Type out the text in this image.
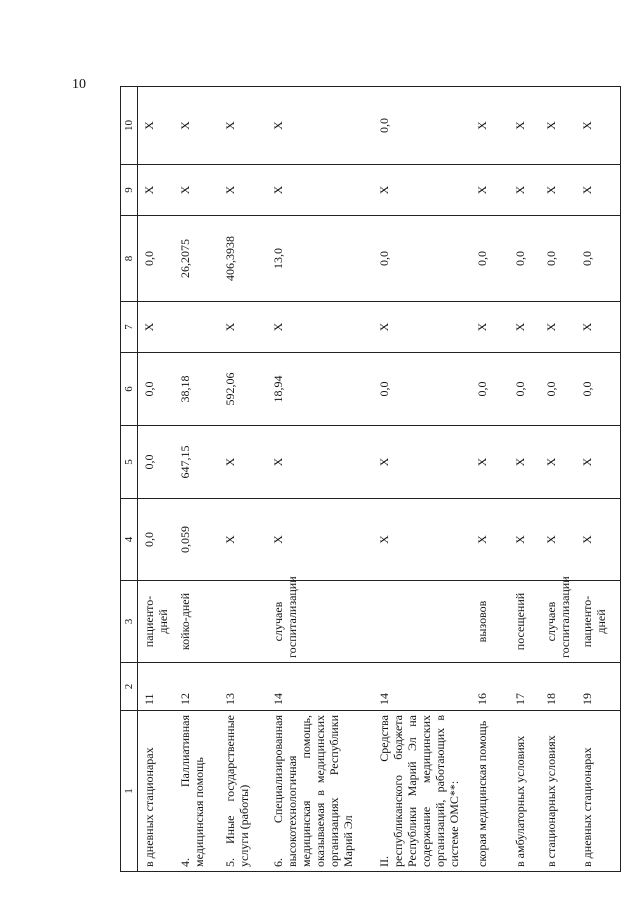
10
1	2	3	4	5	6	7	8	9	10
в дневных стационарах	11	пациенто-дней	0,0	0,0	0,0	X	0,0	X	X
4. Паллиативная медицинская помощь	12	койко-дней	0,059	647,15	38,18		26,2075	X	X
5. Иные государственные услуги (работы)	13		X	X	592,06	X	406,3938	X	X
6. Специализированная высокотехнологичная медицинская помощь, оказываемая в медицинских организациях Республики Марий Эл	14	случаев госпитализации	X	X	18,94	X	13,0	X	X
II. Средства республиканского бюджета Республики Марий Эл на содержание медицинских организаций, работающих в системе ОМС**:	14		X	X	0,0	X	0,0	X	0,0
скорая медицинская помощь	16	вызовов	X	X	0,0	X	0,0	X	X
в амбулаторных условиях	17	посещений	X	X	0,0	X	0,0	X	X
в стационарных условиях	18	случаев госпитализации	X	X	0,0	X	0,0	X	X
в дневных стационарах	19	пациенто-дней	X	X	0,0	X	0,0	X	X
